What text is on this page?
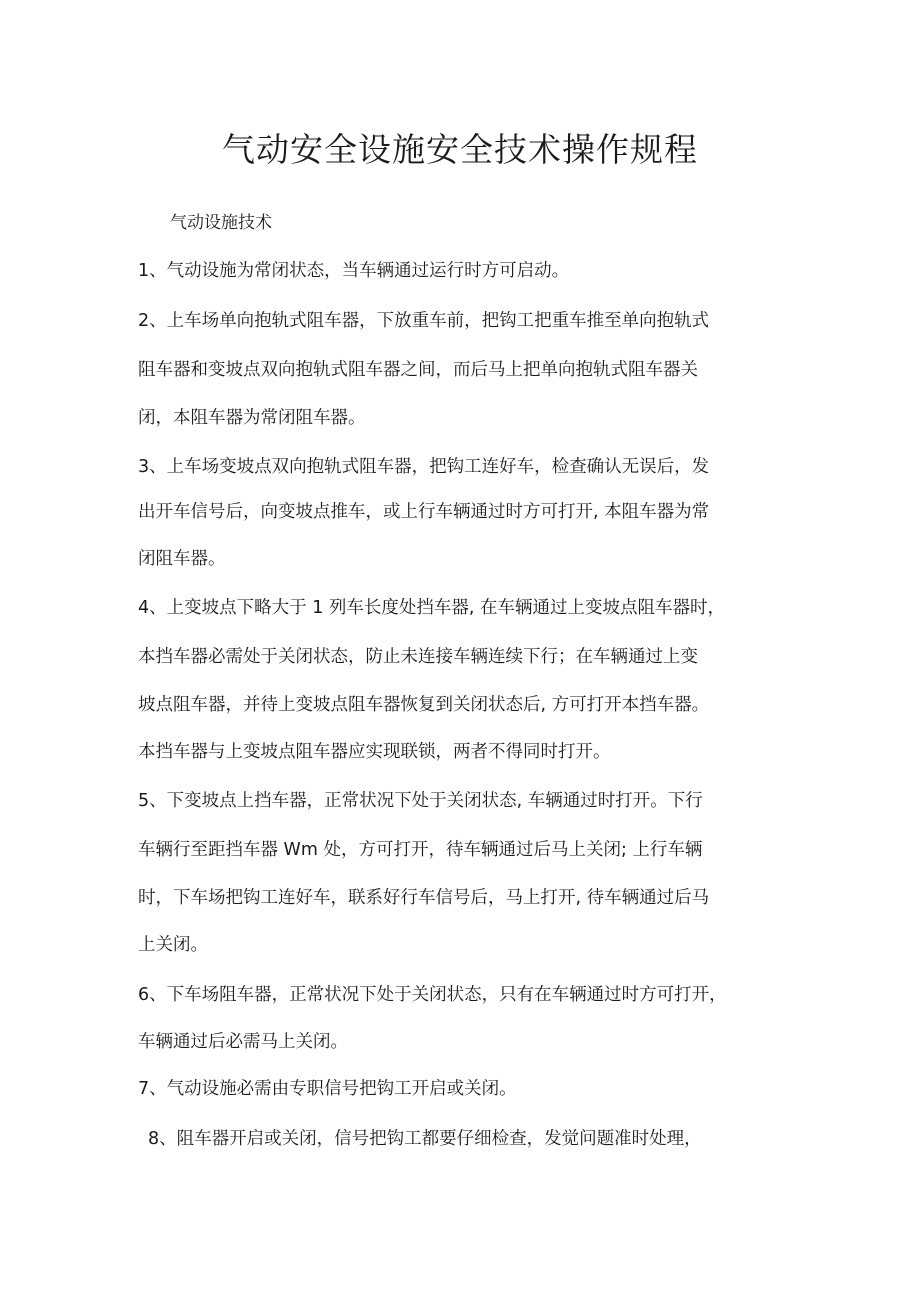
气动安全设施安全技术操作规程
气动设施技术
1、气动设施为常闭状态，当车辆通过运行时方可启动。
2、上车场单向抱轨式阻车器，下放重车前，把钩工把重车推至单向抱轨式
阻车器和变坡点双向抱轨式阻车器之间，而后马上把单向抱轨式阻车器关
闭，本阻车器为常闭阻车器。
3、上车场变坡点双向抱轨式阻车器，把钩工连好车，检查确认无误后，发
出开车信号后，向变坡点推车，或上行车辆通过时方可打开, 本阻车器为常
闭阻车器。
4、上变坡点下略大于 1 列车长度处挡车器, 在车辆通过上变坡点阻车器时，
本挡车器必需处于关闭状态，防止未连接车辆连续下行；在车辆通过上变
坡点阻车器，并待上变坡点阻车器恢复到关闭状态后, 方可打开本挡车器。
本挡车器与上变坡点阻车器应实现联锁，两者不得同时打开。
5、下变坡点上挡车器，正常状况下处于关闭状态, 车辆通过时打开。下行
车辆行至距挡车器 Wm 处，方可打开，待车辆通过后马上关闭; 上行车辆
时，下车场把钩工连好车，联系好行车信号后，马上打开, 待车辆通过后马
上关闭。
6、下车场阻车器，正常状况下处于关闭状态，只有在车辆通过时方可打开，
车辆通过后必需马上关闭。
7、气动设施必需由专职信号把钩工开启或关闭。
8、阻车器开启或关闭，信号把钩工都要仔细检查，发觉问题准时处理，
